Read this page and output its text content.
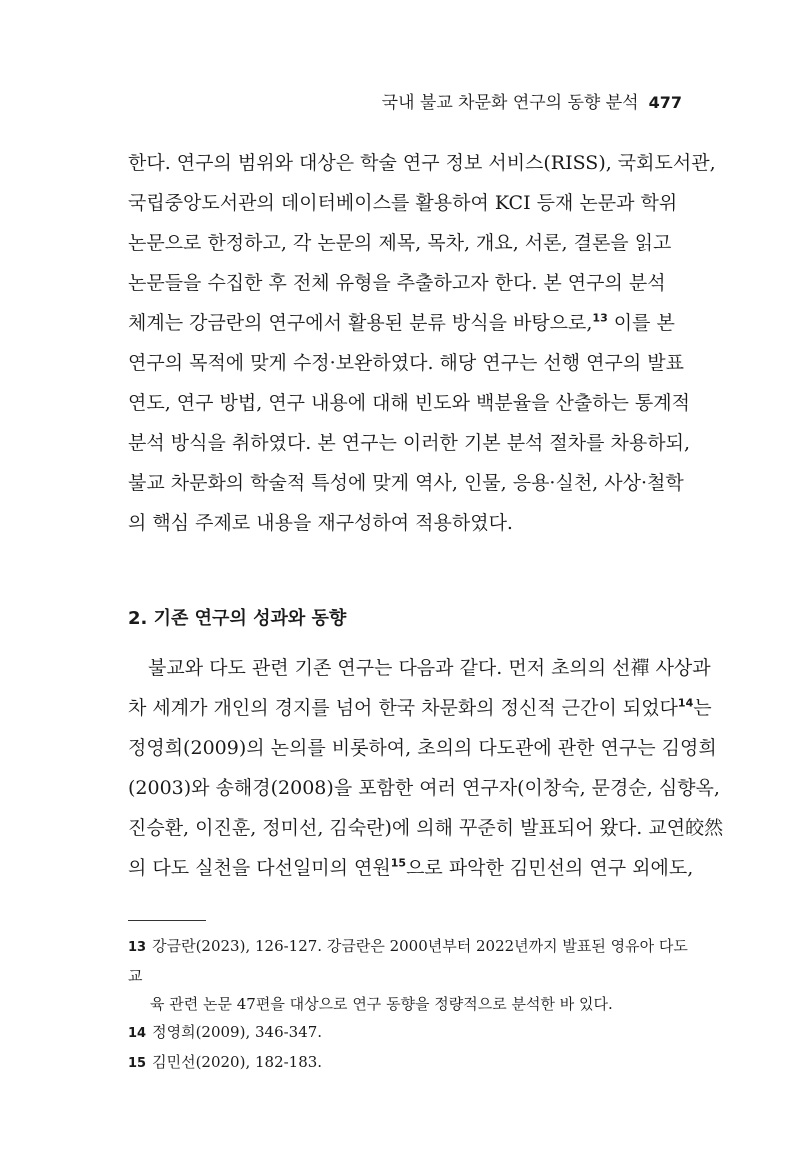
국내 불교 차문화 연구의 동향 분석 477
한다. 연구의 범위와 대상은 학술 연구 정보 서비스(RISS), 국회도서관,
국립중앙도서관의 데이터베이스를 활용하여 KCI 등재 논문과 학위
논문으로 한정하고, 각 논문의 제목, 목차, 개요, 서론, 결론을 읽고
논문들을 수집한 후 전체 유형을 추출하고자 한다. 본 연구의 분석
체계는 강금란의 연구에서 활용된 분류 방식을 바탕으로,$^{13}$ 이를 본
연구의 목적에 맞게 수정·보완하였다. 해당 연구는 선행 연구의 발표
연도, 연구 방법, 연구 내용에 대해 빈도와 백분율을 산출하는 통계적
분석 방식을 취하였다. 본 연구는 이러한 기본 분석 절차를 차용하되,
불교 차문화의 학술적 특성에 맞게 역사, 인물, 응용·실천, 사상·철학
의 핵심 주제로 내용을 재구성하여 적용하였다.
2. 기존 연구의 성과와 동향
불교와 다도 관련 기존 연구는 다음과 같다. 먼저 초의의 선禪 사상과
차 세계가 개인의 경지를 넘어 한국 차문화의 정신적 근간이 되었다$^{14}$는
정영희(2009)의 논의를 비롯하여, 초의의 다도관에 관한 연구는 김영희
(2003)와 송해경(2008)을 포함한 여러 연구자(이창숙, 문경순, 심향옥,
진승환, 이진훈, 정미선, 김숙란)에 의해 꾸준히 발표되어 왔다. 교연皎然
의 다도 실천을 다선일미의 연원$^{15}$으로 파악한 김민선의 연구 외에도,
13 강금란(2023), 126-127. 강금란은 2000년부터 2022년까지 발표된 영유아 다도교
육 관련 논문 47편을 대상으로 연구 동향을 정량적으로 분석한 바 있다.
14 정영희(2009), 346-347.
15 김민선(2020), 182-183.
